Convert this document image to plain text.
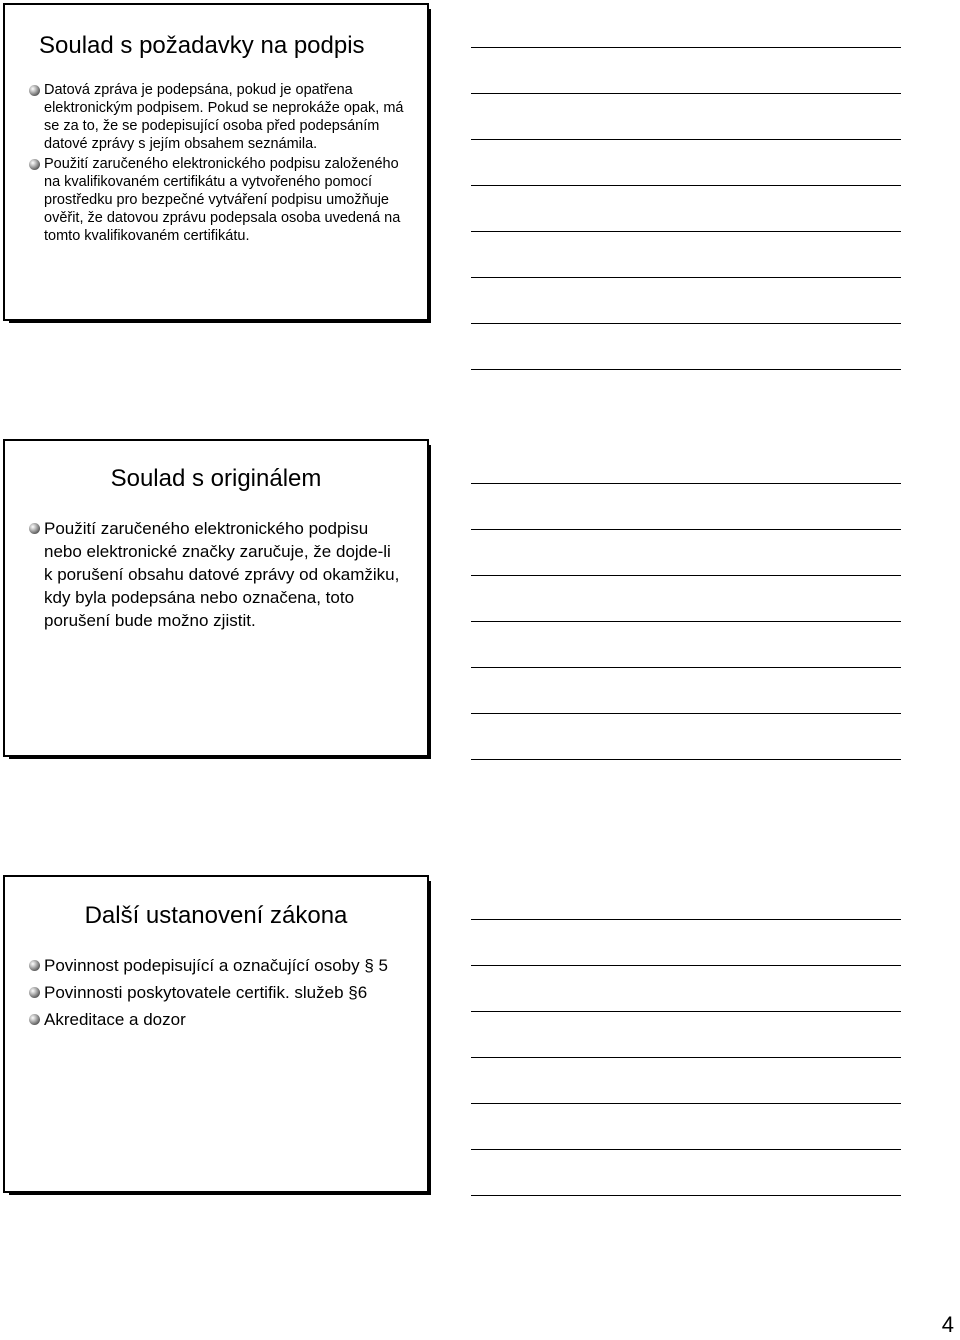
Soulad s požadavky na podpis
Datová zpráva je podepsána, pokud je opatřena elektronickým podpisem. Pokud se neprokáže opak, má se za to, že se podepisující osoba před podepsáním datové zprávy s jejím obsahem seznámila.
Použití zaručeného elektronického podpisu založeného na kvalifikovaném certifikátu a vytvořeného pomocí prostředku pro bezpečné vytváření podpisu umožňuje ověřit, že datovou zprávu podepsala osoba uvedená na tomto kvalifikovaném certifikátu.
Soulad s originálem
Použití zaručeného elektronického podpisu nebo elektronické značky zaručuje, že dojde-li k porušení obsahu datové zprávy od okamžiku, kdy byla podepsána nebo označena, toto porušení bude možno zjistit.
Další ustanovení zákona
Povinnost podepisující a označující osoby § 5
Povinnosti poskytovatele certifik. služeb §6
Akreditace a dozor
4
